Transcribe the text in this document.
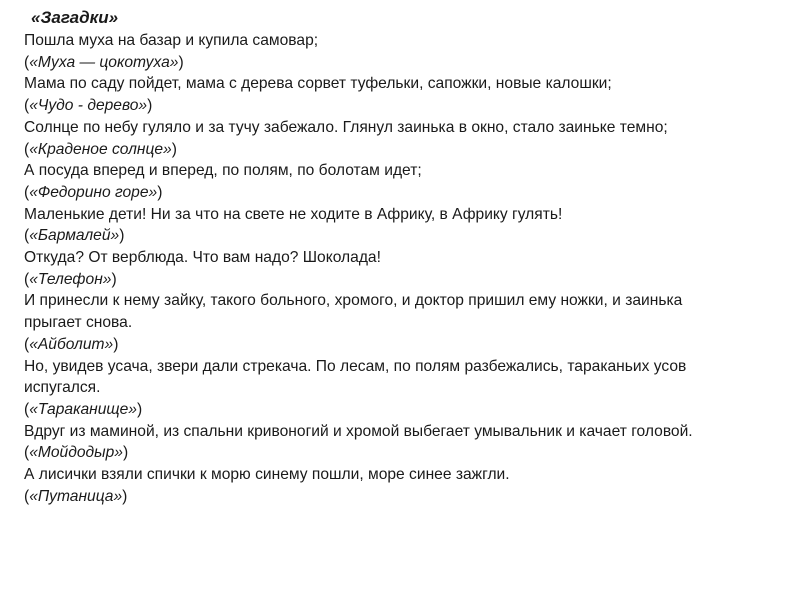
«Загадки»
Пошла муха на базар и купила самовар;
(«Муха — цокотуха»)
Мама по саду пойдет, мама с дерева сорвет туфельки, сапожки, новые калошки;
(«Чудо - дерево»)
Солнце по небу гуляло и за тучу забежало. Глянул заинька в окно, стало заиньке темно;
(«Краденое солнце»)
А посуда вперед и вперед, по полям, по болотам идет;
(«Федорино горе»)
Маленькие дети! Ни за что на свете не ходите в Африку, в Африку гулять!
(«Бармалей»)
Откуда? От верблюда. Что вам надо? Шоколада!
(«Телефон»)
И принесли к нему зайку, такого больного, хромого, и доктор пришил ему ножки, и заинька прыгает снова.
(«Айболит»)
Но, увидев усача, звери дали стрекача. По лесам, по полям разбежались, тараканьих усов испугался.
(«Тараканище»)
Вдруг из маминой, из спальни кривоногий и хромой выбегает умывальник и качает головой.
(«Мойдодыр»)
А лисички взяли спички к морю синему пошли, море синее зажгли.
(«Путаница»)
